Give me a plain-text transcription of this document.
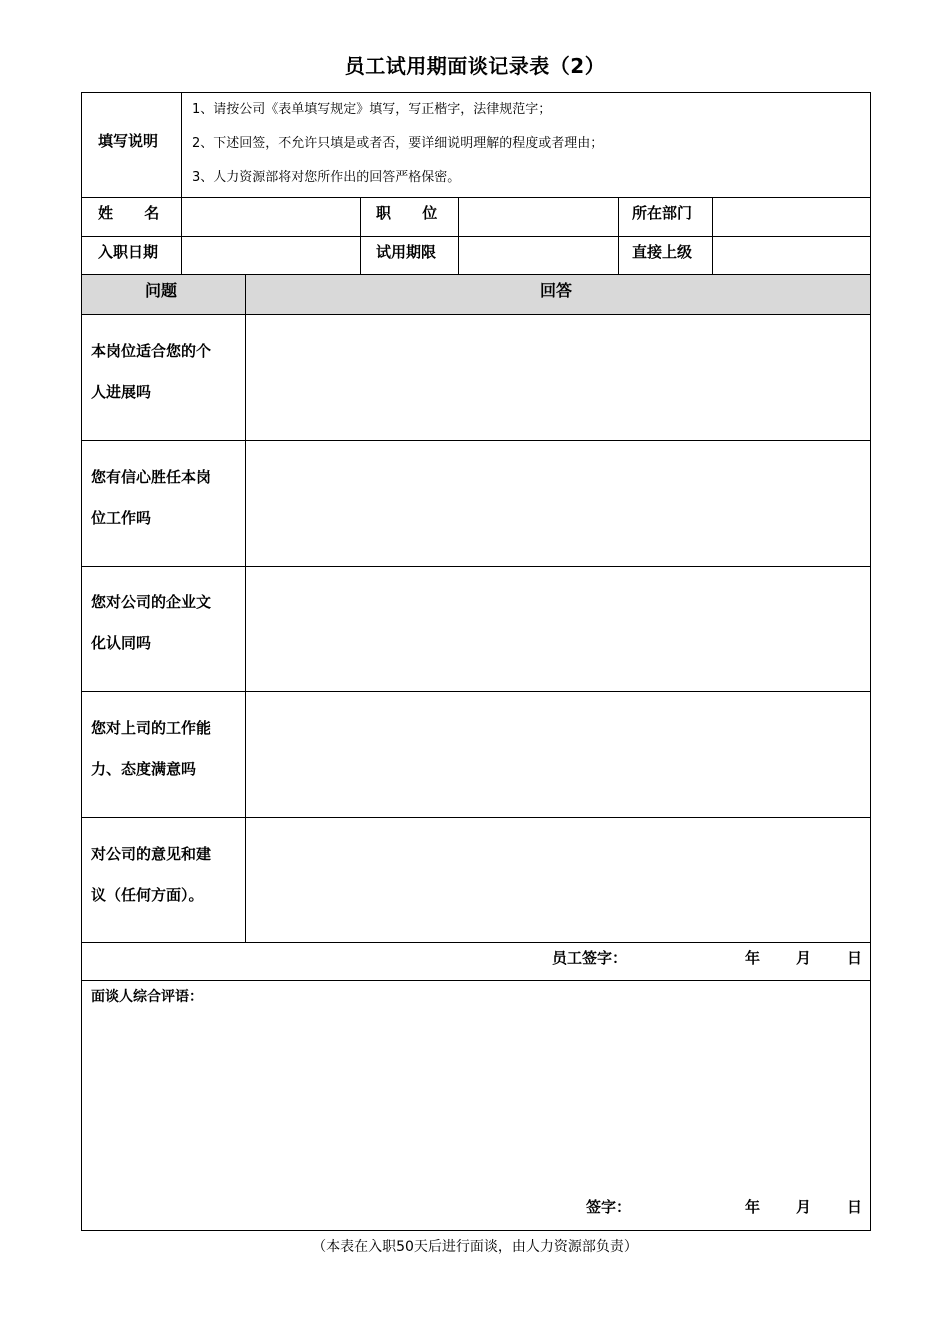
员工试用期面谈记录表（2）
填写说明
1、请按公司《表单填写规定》填写，写正楷字，法律规范字；
2、下述回签，不允许只填是或者否，要详细说明理解的程度或者理由；
3、人力资源部将对您所作出的回答严格保密。
姓 名	职 位	所在部门
入职日期	试用期限	直接上级
问题	回答
本岗位适合您的个
人进展吗
您有信心胜任本岗
位工作吗
您对公司的企业文
化认同吗
您对上司的工作能
力、态度满意吗
对公司的意见和建
议（任何方面）。
员工签字：	年 月 日
面谈人综合评语：
签字：	年 月 日
（本表在入职50天后进行面谈，由人力资源部负责）
